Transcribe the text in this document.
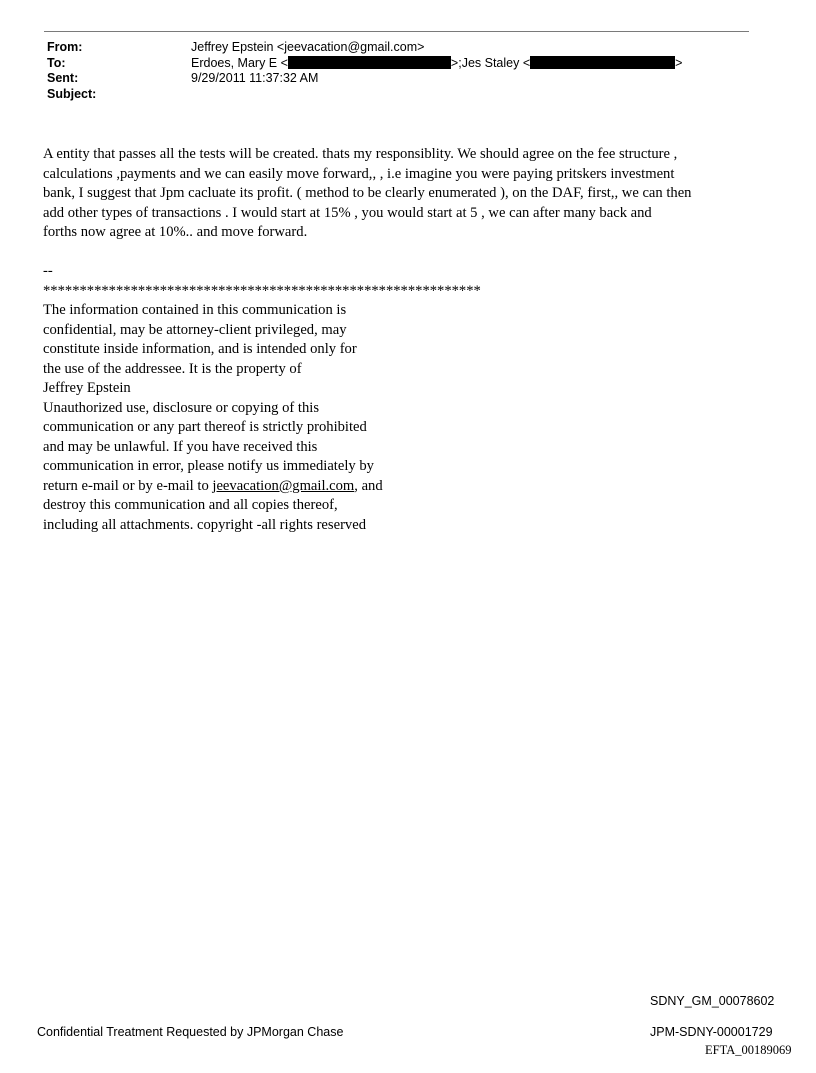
From:	Jeffrey Epstein <jeevacation@gmail.com>
To:	Erdoes, Mary E <	>;Jes Staley <	>
Sent:	9/29/2011 11:37:32 AM
Subject:
A entity that passes all the tests will be created. thats my responsiblity. We should agree on the fee structure ,
calculations ,payments and we can easily move forward,, , i.e imagine you were paying pritskers investment
bank, I suggest that Jpm cacluate its profit. ( method to be clearly enumerated ), on the DAF, first,, we can then
add other types of transactions . I would start at 15% , you would start at 5 , we can after many back and
forths now agree at 10%.. and move forward.
--
************************************************************
The information contained in this communication is
confidential, may be attorney-client privileged, may
constitute inside information, and is intended only for
the use of the addressee. It is the property of
Jeffrey Epstein
Unauthorized use, disclosure or copying of this
communication or any part thereof is strictly prohibited
and may be unlawful. If you have received this
communication in error, please notify us immediately by
return e-mail or by e-mail to jeevacation@gmail.com, and
destroy this communication and all copies thereof,
including all attachments. copyright -all rights reserved
SDNY_GM_00078602
Confidential Treatment Requested by JPMorgan Chase	JPM-SDNY-00001729
EFTA_00189069
